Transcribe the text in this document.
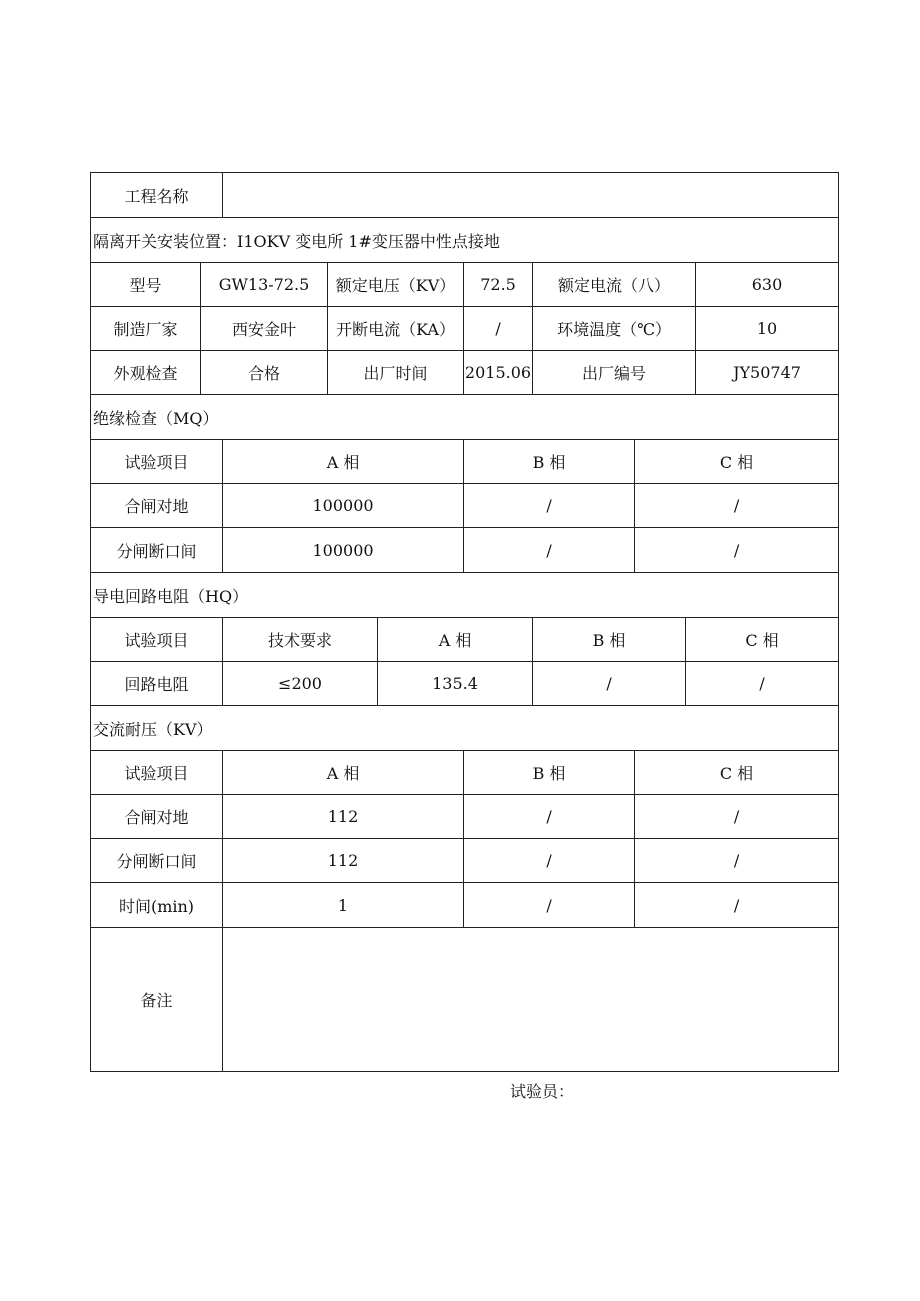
工程名称									
隔离开关安装位置：I1OKV 变电所 1#变压器中性点接地									
型号	GW13-72.5		额定电压（KV）		72.5	额定电流（八）			630
制造厂家	西安金叶		开断电流（KA）		/	环境温度（℃）			10
外观检查	合格		出厂时间		2015.06	出厂编号			JY50747
绝缘检查（MQ）									
试验项目		A 相			B 相		C 相		
合闸对地		100000			/		/		
分闸断口间		100000			/		/		
导电回路电阻（HQ）									
试验项目		技术要求		A 相		B 相		C 相	
回路电阻		≤200		135.4		/		/	
交流耐压（KV）									
试验项目		A 相			B 相		C 相		
合闸对地		112			/		/		
分闸断口间		112			/		/		
时间(min)		1			/		/		
备注									
试验员：
